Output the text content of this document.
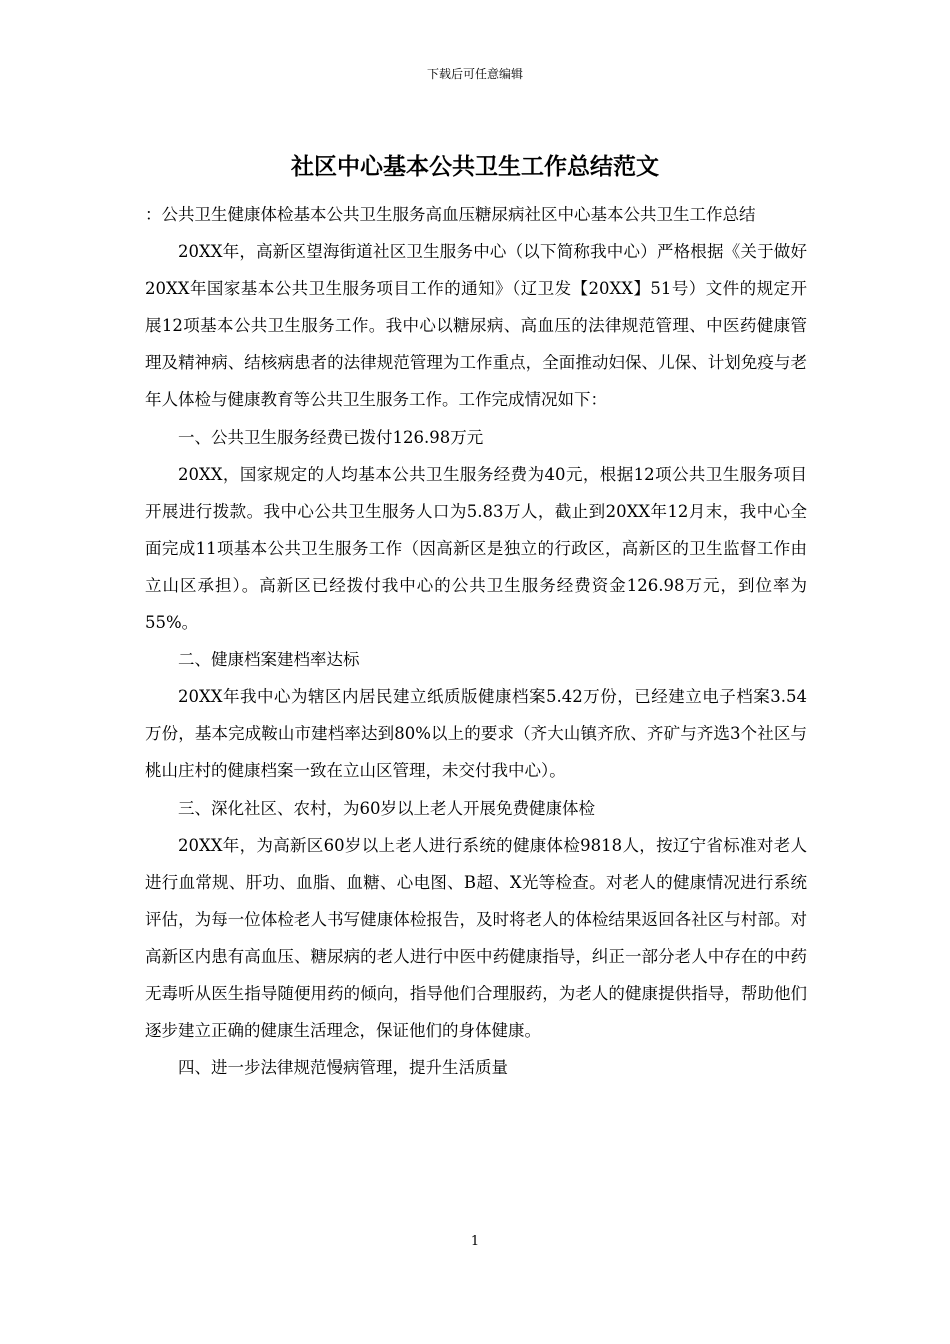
下载后可任意编辑
社区中心基本公共卫生工作总结范文

：公共卫生健康体检基本公共卫生服务高血压糖尿病社区中心基本公共卫生工作总结

20XX年，高新区望海街道社区卫生服务中心（以下简称我中心）严格根据《关于做好20XX年国家基本公共卫生服务项目工作的通知》（辽卫发【20XX】51号）文件的规定开展12项基本公共卫生服务工作。我中心以糖尿病、高血压的法律规范管理、中医药健康管理及精神病、结核病患者的法律规范管理为工作重点，全面推动妇保、儿保、计划免疫与老年人体检与健康教育等公共卫生服务工作。工作完成情况如下：

一、公共卫生服务经费已拨付126.98万元

20XX，国家规定的人均基本公共卫生服务经费为40元，根据12项公共卫生服务项目开展进行拨款。我中心公共卫生服务人口为5.83万人，截止到20XX年12月末，我中心全面完成11项基本公共卫生服务工作（因高新区是独立的行政区，高新区的卫生监督工作由立山区承担）。高新区已经拨付我中心的公共卫生服务经费资金126.98万元，到位率为55%。

二、健康档案建档率达标

20XX年我中心为辖区内居民建立纸质版健康档案5.42万份，已经建立电子档案3.54万份，基本完成鞍山市建档率达到80%以上的要求（齐大山镇齐欣、齐矿与齐选3个社区与桃山庄村的健康档案一致在立山区管理，未交付我中心）。

三、深化社区、农村，为60岁以上老人开展免费健康体检

20XX年，为高新区60岁以上老人进行系统的健康体检9818人，按辽宁省标准对老人进行血常规、肝功、血脂、血糖、心电图、B超、X光等检查。对老人的健康情况进行系统评估，为每一位体检老人书写健康体检报告，及时将老人的体检结果返回各社区与村部。对高新区内患有高血压、糖尿病的老人进行中医中药健康指导，纠正一部分老人中存在的中药无毒听从医生指导随便用药的倾向，指导他们合理服药，为老人的健康提供指导，帮助他们逐步建立正确的健康生活理念，保证他们的身体健康。

四、进一步法律规范慢病管理，提升生活质量

1
